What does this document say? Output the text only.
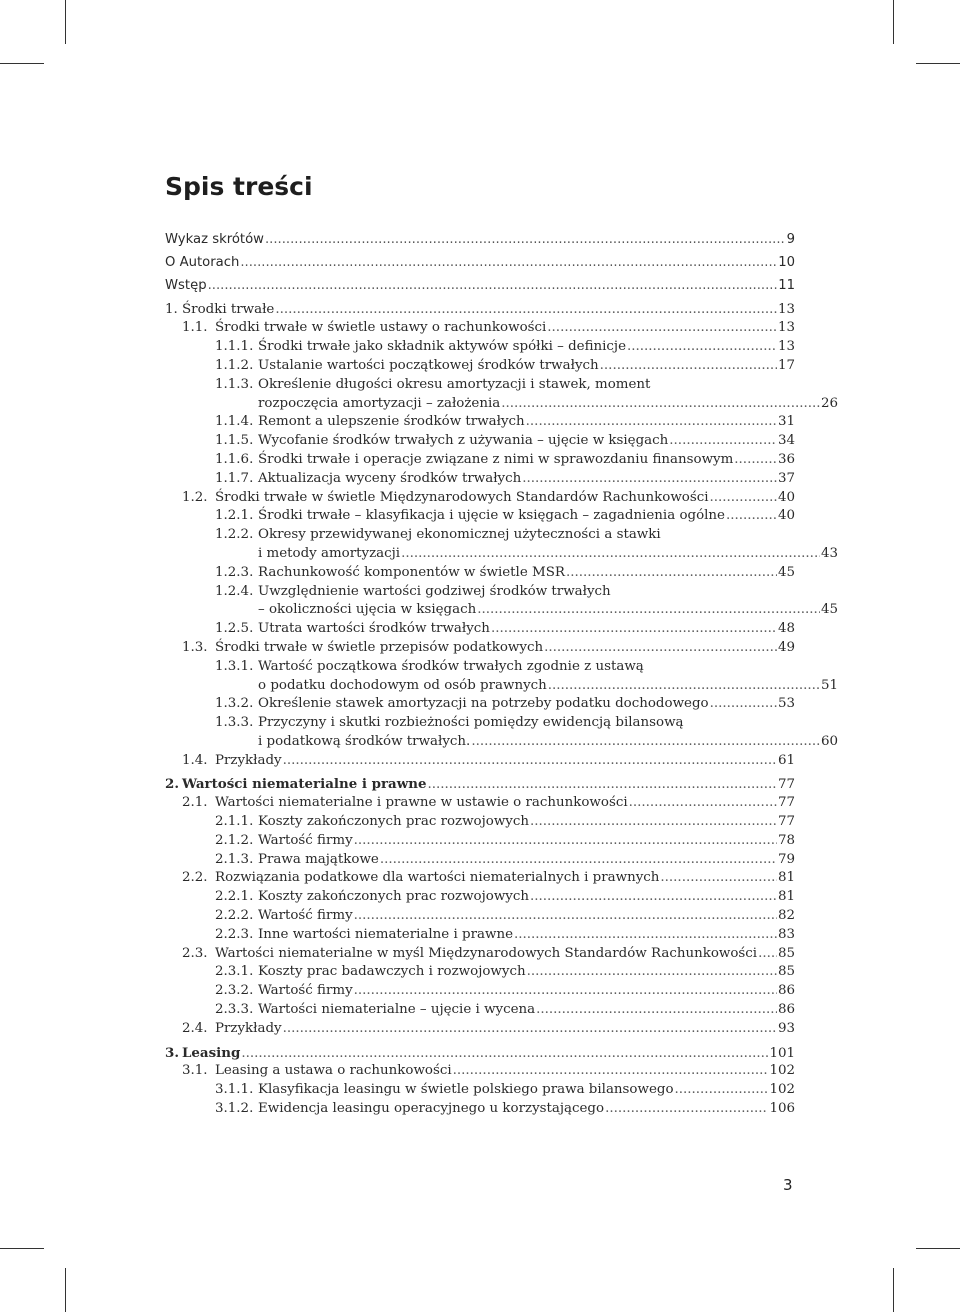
Spis treści
Wykaz skrótów .....	9
O Autorach .....	10
Wstęp .....	11
1. Środki trwałe .....	13
1.1. Środki trwałe w świetle ustawy o rachunkowości .....	13
1.1.1. Środki trwałe jako składnik aktywów spółki – definicje .....	13
1.1.2. Ustalanie wartości początkowej środków trwałych .....	17
1.1.3. Określenie długości okresu amortyzacji i stawek, moment
rozpoczęcia amortyzacji – założenia .....	26
1.1.4. Remont a ulepszenie środków trwałych .....	31
1.1.5. Wycofanie środków trwałych z używania – ujęcie w księgach .....	34
1.1.6. Środki trwałe i operacje związane z nimi w sprawozdaniu finansowym .....	36
1.1.7. Aktualizacja wyceny środków trwałych .....	37
1.2. Środki trwałe w świetle Międzynarodowych Standardów Rachunkowości .....	40
1.2.1. Środki trwałe – klasyfikacja i ujęcie w księgach – zagadnienia ogólne .....	40
1.2.2. Okresy przewidywanej ekonomicznej użyteczności a stawki
i metody amortyzacji .....	43
1.2.3. Rachunkowość komponentów w świetle MSR .....	45
1.2.4. Uwzględnienie wartości godziwej środków trwałych
– okoliczności ujęcia w księgach .....	45
1.2.5. Utrata wartości środków trwałych .....	48
1.3. Środki trwałe w świetle przepisów podatkowych .....	49
1.3.1. Wartość początkowa środków trwałych zgodnie z ustawą
o podatku dochodowym od osób prawnych .....	51
1.3.2. Określenie stawek amortyzacji na potrzeby podatku dochodowego .....	53
1.3.3. Przyczyny i skutki rozbieżności pomiędzy ewidencją bilansową
i podatkową środków trwałych. .....	60
1.4. Przykłady .....	61
2. Wartości niematerialne i prawne .....	77
2.1. Wartości niematerialne i prawne w ustawie o rachunkowości .....	77
2.1.1. Koszty zakończonych prac rozwojowych .....	77
2.1.2. Wartość firmy .....	78
2.1.3. Prawa majątkowe .....	79
2.2. Rozwiązania podatkowe dla wartości niematerialnych i prawnych .....	81
2.2.1. Koszty zakończonych prac rozwojowych .....	81
2.2.2. Wartość firmy .....	82
2.2.3. Inne wartości niematerialne i prawne .....	83
2.3. Wartości niematerialne w myśl Międzynarodowych Standardów Rachunkowości ..... 85
2.3.1. Koszty prac badawczych i rozwojowych .....	85
2.3.2. Wartość firmy .....	86
2.3.3. Wartości niematerialne – ujęcie i wycena .....	86
2.4. Przykłady .....	93
3. Leasing .....	101
3.1. Leasing a ustawa o rachunkowości .....	102
3.1.1. Klasyfikacja leasingu w świetle polskiego prawa bilansowego .....	102
3.1.2. Ewidencja leasingu operacyjnego u korzystającego .....	106
3
